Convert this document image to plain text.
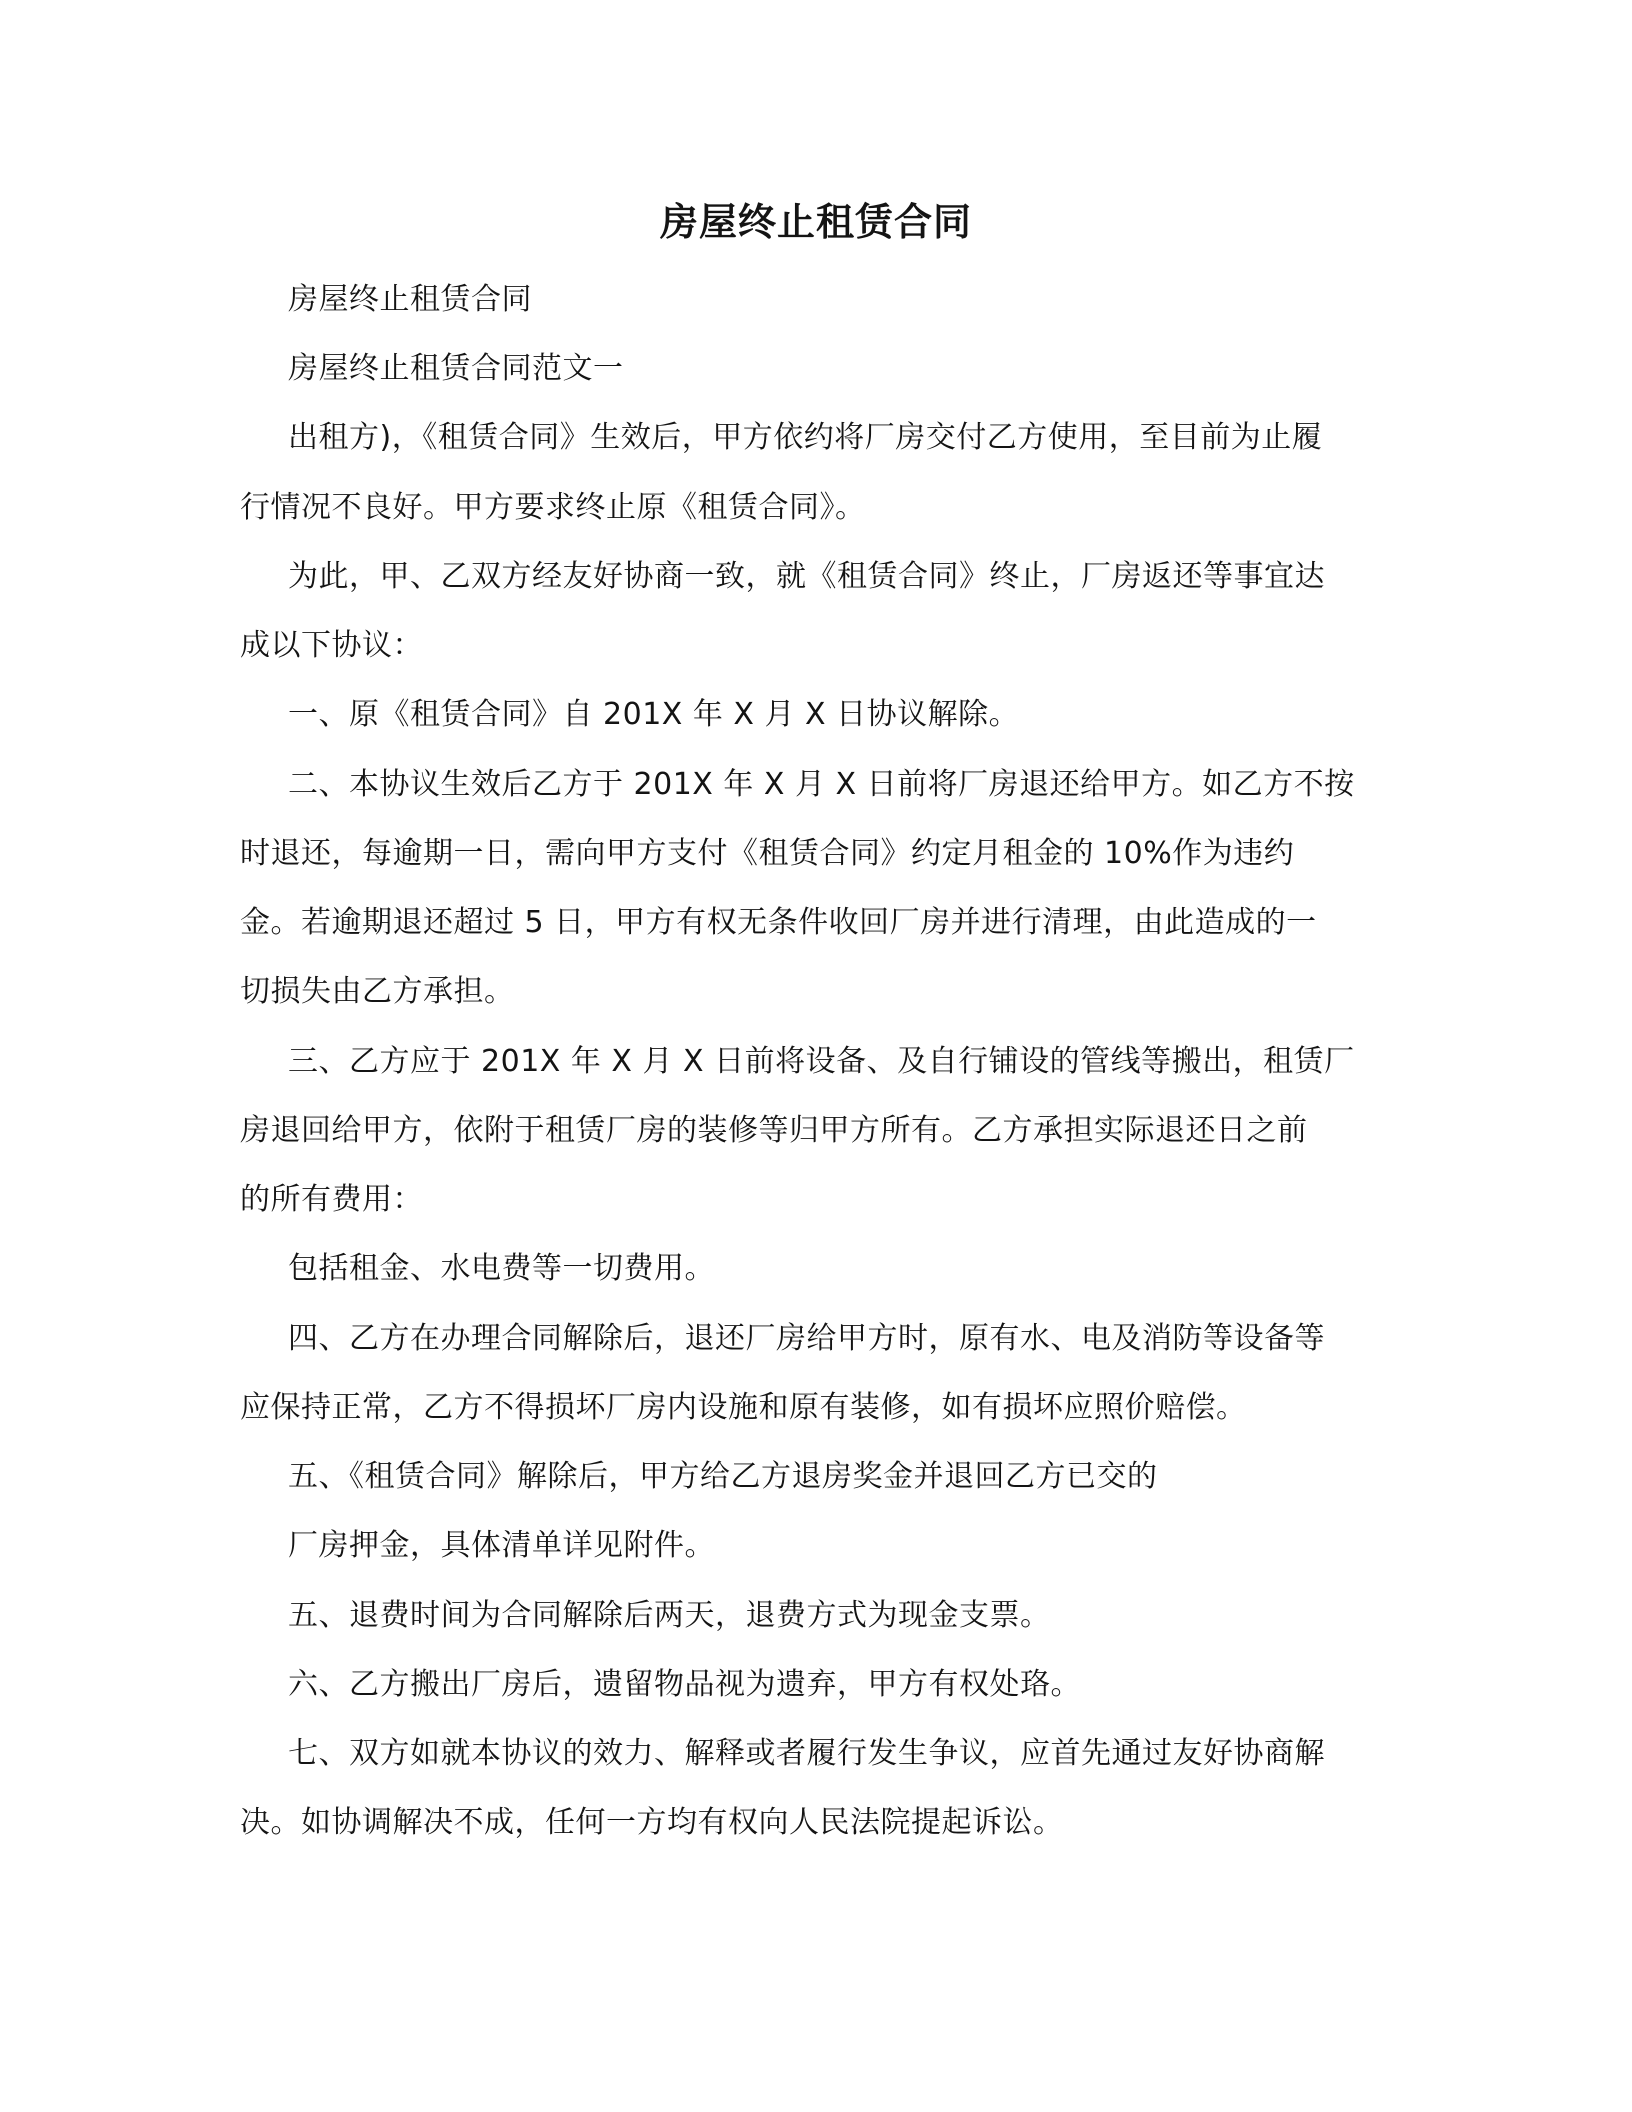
房屋终止租赁合同
房屋终止租赁合同
房屋终止租赁合同范文一
出租方)，《租赁合同》生效后，甲方依约将厂房交付乙方使用，至目前为止履
行情况不良好。甲方要求终止原《租赁合同》。
为此，甲、乙双方经友好协商一致，就《租赁合同》终止，厂房返还等事宜达
成以下协议：
一、原《租赁合同》自 201X 年 X 月 X 日协议解除。
二、本协议生效后乙方于 201X 年 X 月 X 日前将厂房退还给甲方。如乙方不按
时退还，每逾期一日，需向甲方支付《租赁合同》约定月租金的 10%作为违约
金。若逾期退还超过 5 日，甲方有权无条件收回厂房并进行清理，由此造成的一
切损失由乙方承担。
三、乙方应于 201X 年 X 月 X 日前将设备、及自行铺设的管线等搬出，租赁厂
房退回给甲方，依附于租赁厂房的装修等归甲方所有。乙方承担实际退还日之前
的所有费用：
包括租金、水电费等一切费用。
四、乙方在办理合同解除后，退还厂房给甲方时，原有水、电及消防等设备等
应保持正常，乙方不得损坏厂房内设施和原有装修，如有损坏应照价赔偿。
五、《租赁合同》解除后，甲方给乙方退房奖金并退回乙方已交的
厂房押金，具体清单详见附件。
五、退费时间为合同解除后两天，退费方式为现金支票。
六、乙方搬出厂房后，遗留物品视为遗弃，甲方有权处珞。
七、双方如就本协议的效力、解释或者履行发生争议，应首先通过友好协商解
决。如协调解决不成，任何一方均有权向人民法院提起诉讼。
